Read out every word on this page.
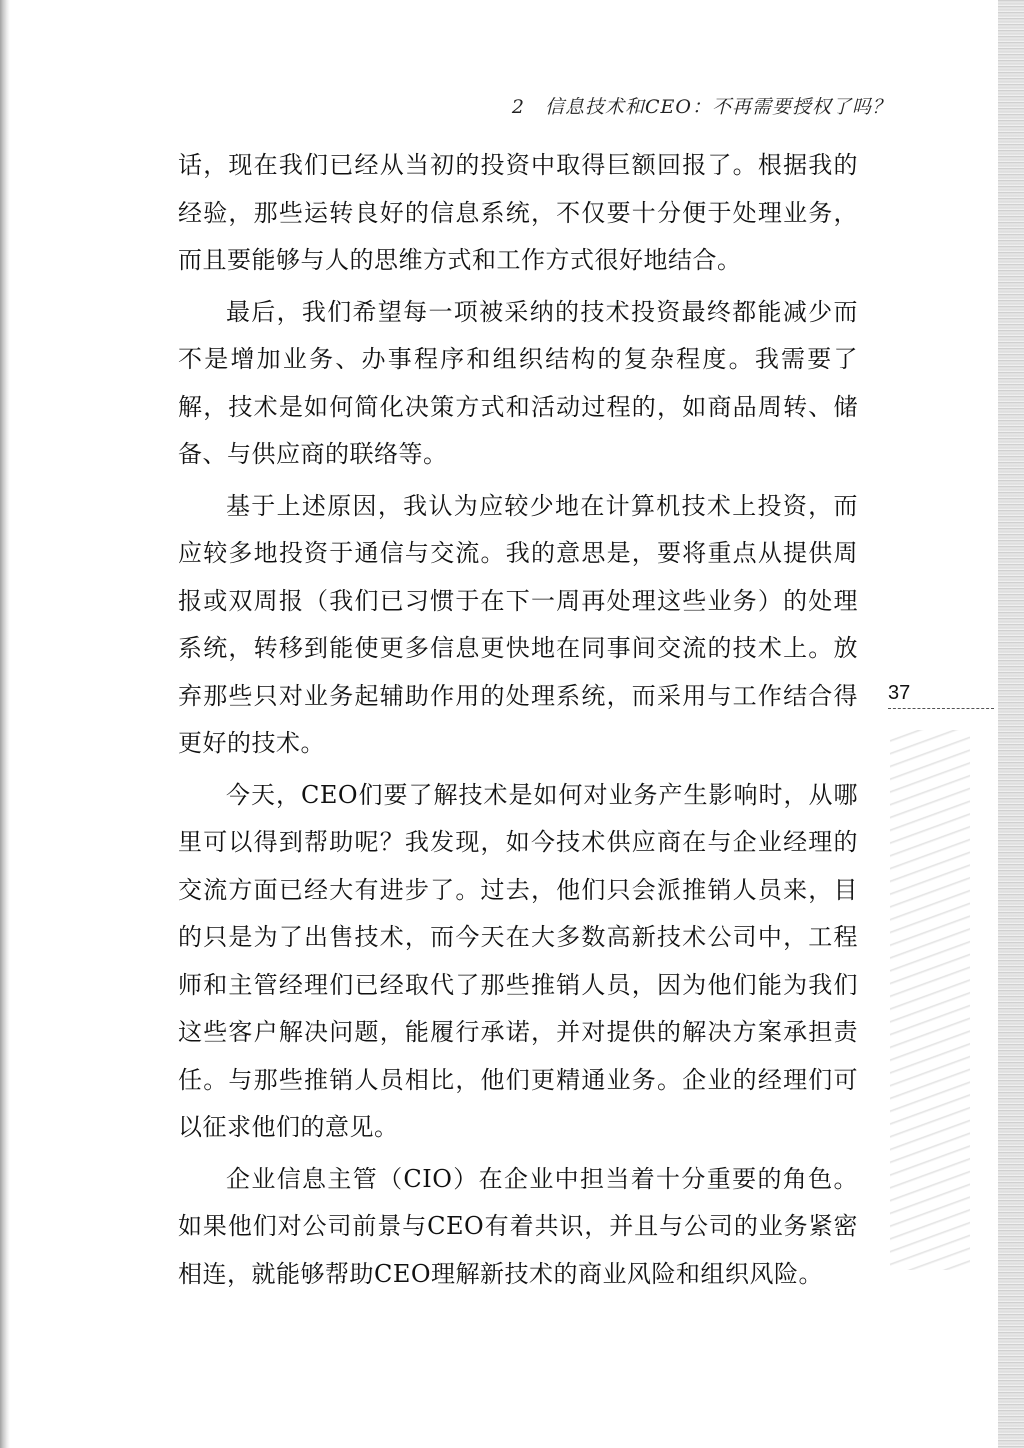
2　信息技术和CEO：不再需要授权了吗？

话，现在我们已经从当初的投资中取得巨额回报了。根据我的经验，那些运转良好的信息系统，不仅要十分便于处理业务，而且要能够与人的思维方式和工作方式很好地结合。

最后，我们希望每一项被采纳的技术投资最终都能减少而不是增加业务、办事程序和组织结构的复杂程度。我需要了解，技术是如何简化决策方式和活动过程的，如商品周转、储备、与供应商的联络等。

基于上述原因，我认为应较少地在计算机技术上投资，而应较多地投资于通信与交流。我的意思是，要将重点从提供周报或双周报（我们已习惯于在下一周再处理这些业务）的处理系统，转移到能使更多信息更快地在同事间交流的技术上。放弃那些只对业务起辅助作用的处理系统，而采用与工作结合得更好的技术。

今天，CEO们要了解技术是如何对业务产生影响时，从哪里可以得到帮助呢？我发现，如今技术供应商在与企业经理的交流方面已经大有进步了。过去，他们只会派推销人员来，目的只是为了出售技术，而今天在大多数高新技术公司中，工程师和主管经理们已经取代了那些推销人员，因为他们能为我们这些客户解决问题，能履行承诺，并对提供的解决方案承担责任。与那些推销人员相比，他们更精通业务。企业的经理们可以征求他们的意见。

企业信息主管（CIO）在企业中担当着十分重要的角色。如果他们对公司前景与CEO有着共识，并且与公司的业务紧密相连，就能够帮助CEO理解新技术的商业风险和组织风险。

37
